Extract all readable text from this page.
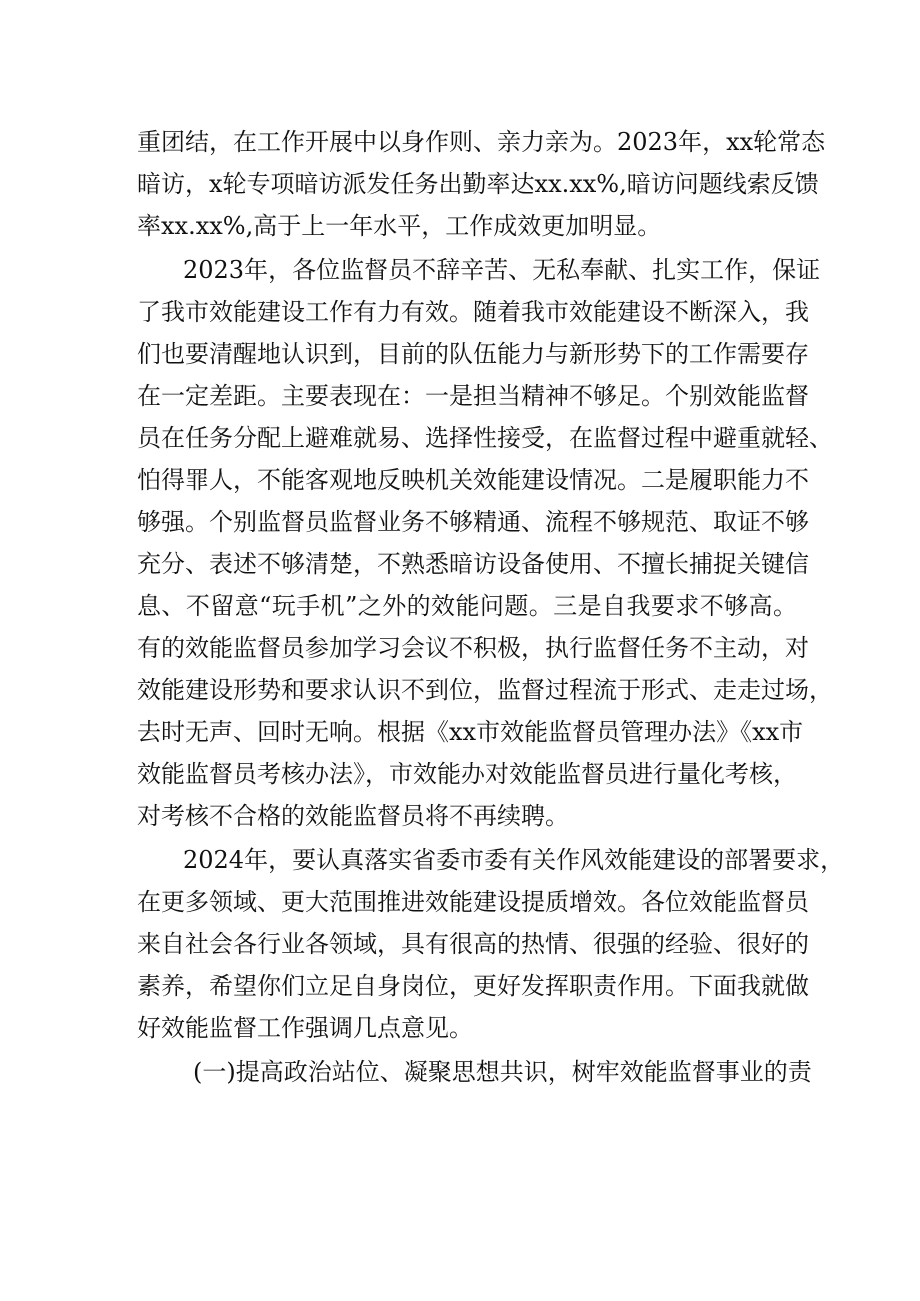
重团结，在工作开展中以身作则、亲力亲为。2023年，xx轮常态
暗访，x轮专项暗访派发任务出勤率达xx.xx%,暗访问题线索反馈
率xx.xx%,高于上一年水平，工作成效更加明显。
2023年，各位监督员不辞辛苦、无私奉献、扎实工作，保证
了我市效能建设工作有力有效。随着我市效能建设不断深入，我
们也要清醒地认识到，目前的队伍能力与新形势下的工作需要存
在一定差距。主要表现在：一是担当精神不够足。个别效能监督
员在任务分配上避难就易、选择性接受，在监督过程中避重就轻、
怕得罪人，不能客观地反映机关效能建设情况。二是履职能力不
够强。个别监督员监督业务不够精通、流程不够规范、取证不够
充分、表述不够清楚，不熟悉暗访设备使用、不擅长捕捉关键信
息、不留意“玩手机”之外的效能问题。三是自我要求不够高。
有的效能监督员参加学习会议不积极，执行监督任务不主动，对
效能建设形势和要求认识不到位，监督过程流于形式、走走过场，
去时无声、回时无响。根据《xx市效能监督员管理办法》《xx市
效能监督员考核办法》，市效能办对效能监督员进行量化考核，
对考核不合格的效能监督员将不再续聘。
2024年，要认真落实省委市委有关作风效能建设的部署要求，
在更多领域、更大范围推进效能建设提质增效。各位效能监督员
来自社会各行业各领域，具有很高的热情、很强的经验、很好的
素养，希望你们立足自身岗位，更好发挥职责作用。下面我就做
好效能监督工作强调几点意见。
(一)提高政治站位、凝聚思想共识，树牢效能监督事业的责
